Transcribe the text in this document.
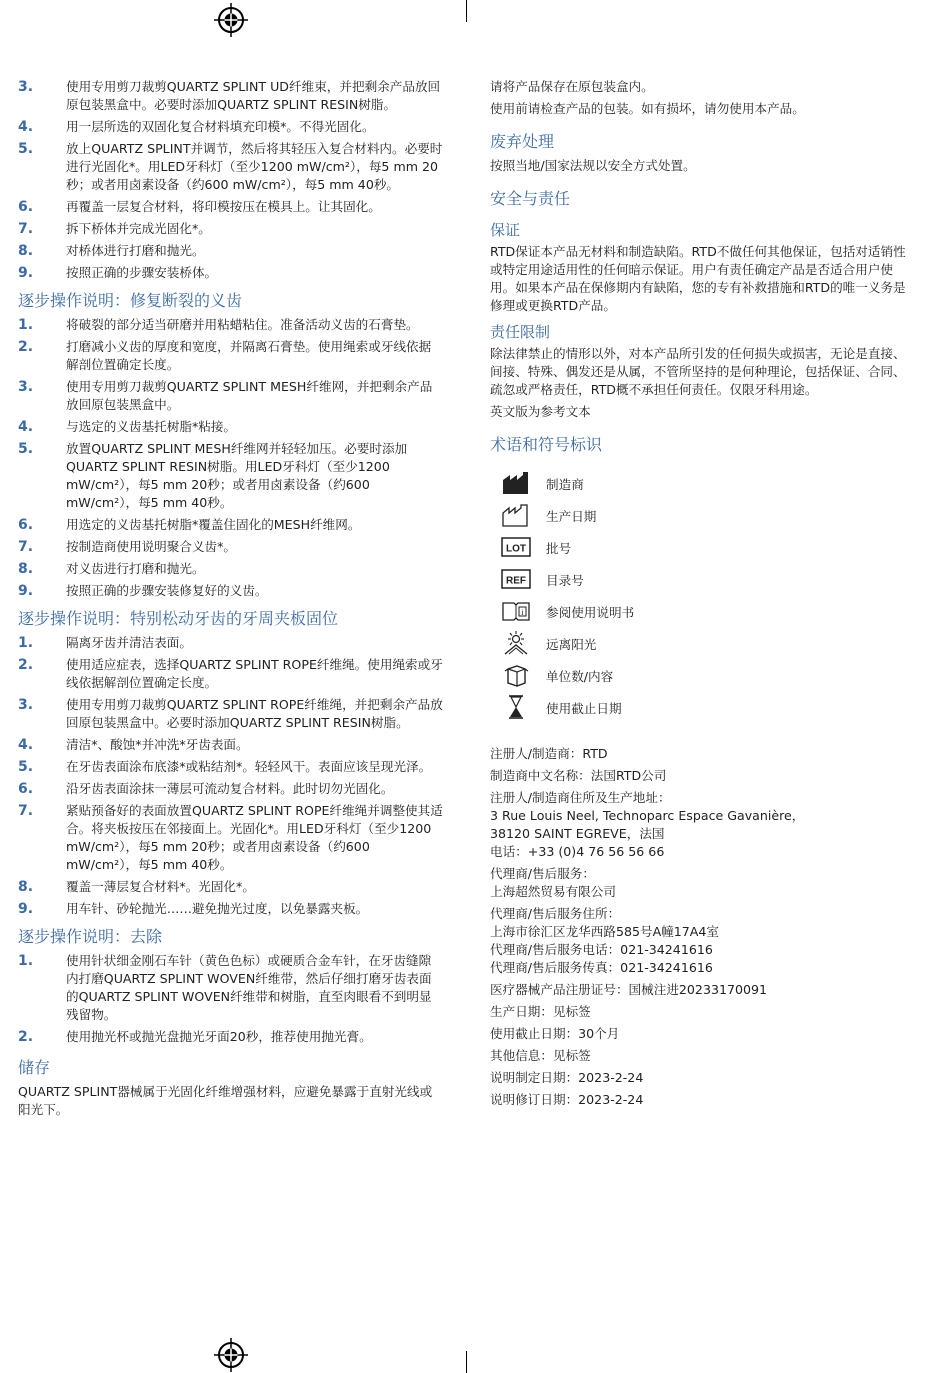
3.	使用专用剪刀裁剪QUARTZ SPLINT UD纤维束，并把剩余产品放回原包装黑盒中。必要时添加QUARTZ SPLINT RESIN树脂。
4.	用一层所选的双固化复合材料填充印模*。不得光固化。
5.	放上QUARTZ SPLINT并调节，然后将其轻压入复合材料内。必要时进行光固化*。用LED牙科灯（至少1200 mW/cm²），每5 mm 20秒；或者用卤素设备（约600 mW/cm²），每5 mm 40秒。
6.	再覆盖一层复合材料，将印模按压在模具上。让其固化。
7.	拆下桥体并完成光固化*。
8.	对桥体进行打磨和抛光。
9.	按照正确的步骤安装桥体。
逐步操作说明：修复断裂的义齿
1.	将破裂的部分适当研磨并用粘蜡粘住。准备活动义齿的石膏垫。
2.	打磨减小义齿的厚度和宽度，并隔离石膏垫。使用绳索或牙线依据解剖位置确定长度。
3.	使用专用剪刀裁剪QUARTZ SPLINT MESH纤维网，并把剩余产品放回原包装黑盒中。
4.	与选定的义齿基托树脂*粘接。
5.	放置QUARTZ SPLINT MESH纤维网并轻轻加压。必要时添加QUARTZ SPLINT RESIN树脂。用LED牙科灯（至少1200 mW/cm²），每5 mm 20秒；或者用卤素设备（约600 mW/cm²），每5 mm 40秒。
6.	用选定的义齿基托树脂*覆盖住固化的MESH纤维网。
7.	按制造商使用说明聚合义齿*。
8.	对义齿进行打磨和抛光。
9.	按照正确的步骤安装修复好的义齿。
逐步操作说明：特别松动牙齿的牙周夹板固位
1.	隔离牙齿并清洁表面。
2.	使用适应症表，选择QUARTZ SPLINT ROPE纤维绳。使用绳索或牙线依据解剖位置确定长度。
3.	使用专用剪刀裁剪QUARTZ SPLINT ROPE纤维绳，并把剩余产品放回原包装黑盒中。必要时添加QUARTZ SPLINT RESIN树脂。
4.	清洁*、酸蚀*并冲洗*牙齿表面。
5.	在牙齿表面涂布底漆*或粘结剂*。轻轻风干。表面应该呈现光泽。
6.	沿牙齿表面涂抹一薄层可流动复合材料。此时切勿光固化。
7.	紧贴预备好的表面放置QUARTZ SPLINT ROPE纤维绳并调整使其适合。将夹板按压在邻接面上。光固化*。用LED牙科灯（至少1200 mW/cm²），每5 mm 20秒；或者用卤素设备（约600 mW/cm²），每5 mm 40秒。
8.	覆盖一薄层复合材料*。光固化*。
9.	用车针、砂轮抛光……避免抛光过度，以免暴露夹板。
逐步操作说明：去除
1.	使用针状细金刚石车针（黄色色标）或硬质合金车针，在牙齿缝隙内打磨QUARTZ SPLINT WOVEN纤维带，然后仔细打磨牙齿表面的QUARTZ SPLINT WOVEN纤维带和树脂，直至肉眼看不到明显残留物。
2.	使用抛光杯或抛光盘抛光牙面20秒，推荐使用抛光膏。
储存

QUARTZ SPLINT器械属于光固化纤维增强材料，应避免暴露于直射光线或阳光下。

请将产品保存在原包装盒内。

使用前请检查产品的包装。如有损坏，请勿使用本产品。

废弃处理

按照当地/国家法规以安全方式处置。

安全与责任
保证

RTD保证本产品无材料和制造缺陷。RTD不做任何其他保证，包括对适销性或特定用途适用性的任何暗示保证。用户有责任确定产品是否适合用户使用。如果本产品在保修期内有缺陷，您的专有补救措施和RTD的唯一义务是修理或更换RTD产品。

责任限制

除法律禁止的情形以外，对本产品所引发的任何损失或损害，无论是直接、间接、特殊、偶发还是从属，不管所坚持的是何种理论，包括保证、合同、疏忽或严格责任，RTD概不承担任何责任。仅限牙科用途。

英文版为参考文本

术语和符号标识
制造商
生产日期
LOT 批号
REF 目录号
i 参阅使用说明书
远离阳光
单位数/内容
使用截止日期

注册人/制造商：RTD

制造商中文名称：法国RTD公司

注册人/制造商住所及生产地址：

3 Rue Louis Neel, Technoparc Espace Gavanière，

38120 SAINT EGREVE，法国

电话：+33 (0)4 76 56 56 66

代理商/售后服务：

上海超然贸易有限公司

代理商/售后服务住所：

上海市徐汇区龙华西路585号A幢17A4室

代理商/售后服务电话：021-34241616

代理商/售后服务传真：021-34241616

医疗器械产品注册证号：国械注进20233170091

生产日期：见标签

使用截止日期：30个月

其他信息：见标签

说明制定日期：2023-2-24

说明修订日期：2023-2-24
